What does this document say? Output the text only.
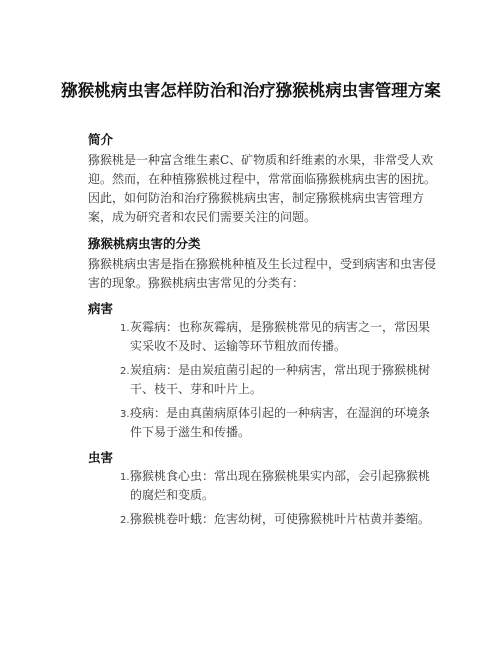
猕猴桃病虫害怎样防治和治疗猕猴桃病虫害管理方案
简介

猕猴桃是一种富含维生素C、矿物质和纤维素的水果，非常受人欢迎。然而，在种植猕猴桃过程中，常常面临猕猴桃病虫害的困扰。因此，如何防治和治疗猕猴桃病虫害，制定猕猴桃病虫害管理方案，成为研究者和农民们需要关注的问题。

猕猴桃病虫害的分类

猕猴桃病虫害是指在猕猴桃种植及生长过程中，受到病害和虫害侵害的现象。猕猴桃病虫害常见的分类有：

病害
1. 灰霉病：也称灰霉病，是猕猴桃常见的病害之一，常因果实采收不及时、运输等环节粗放而传播。
2. 炭疽病：是由炭疽菌引起的一种病害，常出现于猕猴桃树干、枝干、芽和叶片上。
3. 疫病：是由真菌病原体引起的一种病害，在湿润的环境条件下易于滋生和传播。
虫害
1. 猕猴桃食心虫：常出现在猕猴桃果实内部，会引起猕猴桃的腐烂和变质。
2. 猕猴桃卷叶蛾：危害幼树，可使猕猴桃叶片枯黄并萎缩。
